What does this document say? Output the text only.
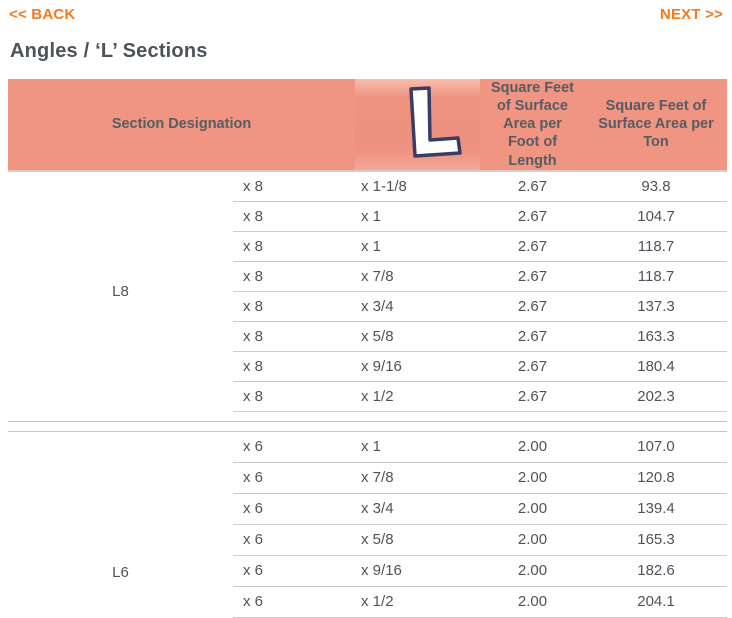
<< BACK	NEXT >>
Angles / ‘L’ Sections
Section Designation			Square Feet of Surface Area per Foot of Length	Square Feet of Surface Area per Ton
L8	x 8	x 1-1/8	2.67	93.8
	x 8	x 1	2.67	104.7
	x 8	x 1	2.67	118.7
	x 8	x 7/8	2.67	118.7
	x 8	x 3/4	2.67	137.3
	x 8	x 5/8	2.67	163.3
	x 8	x 9/16	2.67	180.4
	x 8	x 1/2	2.67	202.3

L6	x 6	x 1	2.00	107.0
	x 6	x 7/8	2.00	120.8
	x 6	x 3/4	2.00	139.4
	x 6	x 5/8	2.00	165.3
	x 6	x 9/16	2.00	182.6
	x 6	x 1/2	2.00	204.1
